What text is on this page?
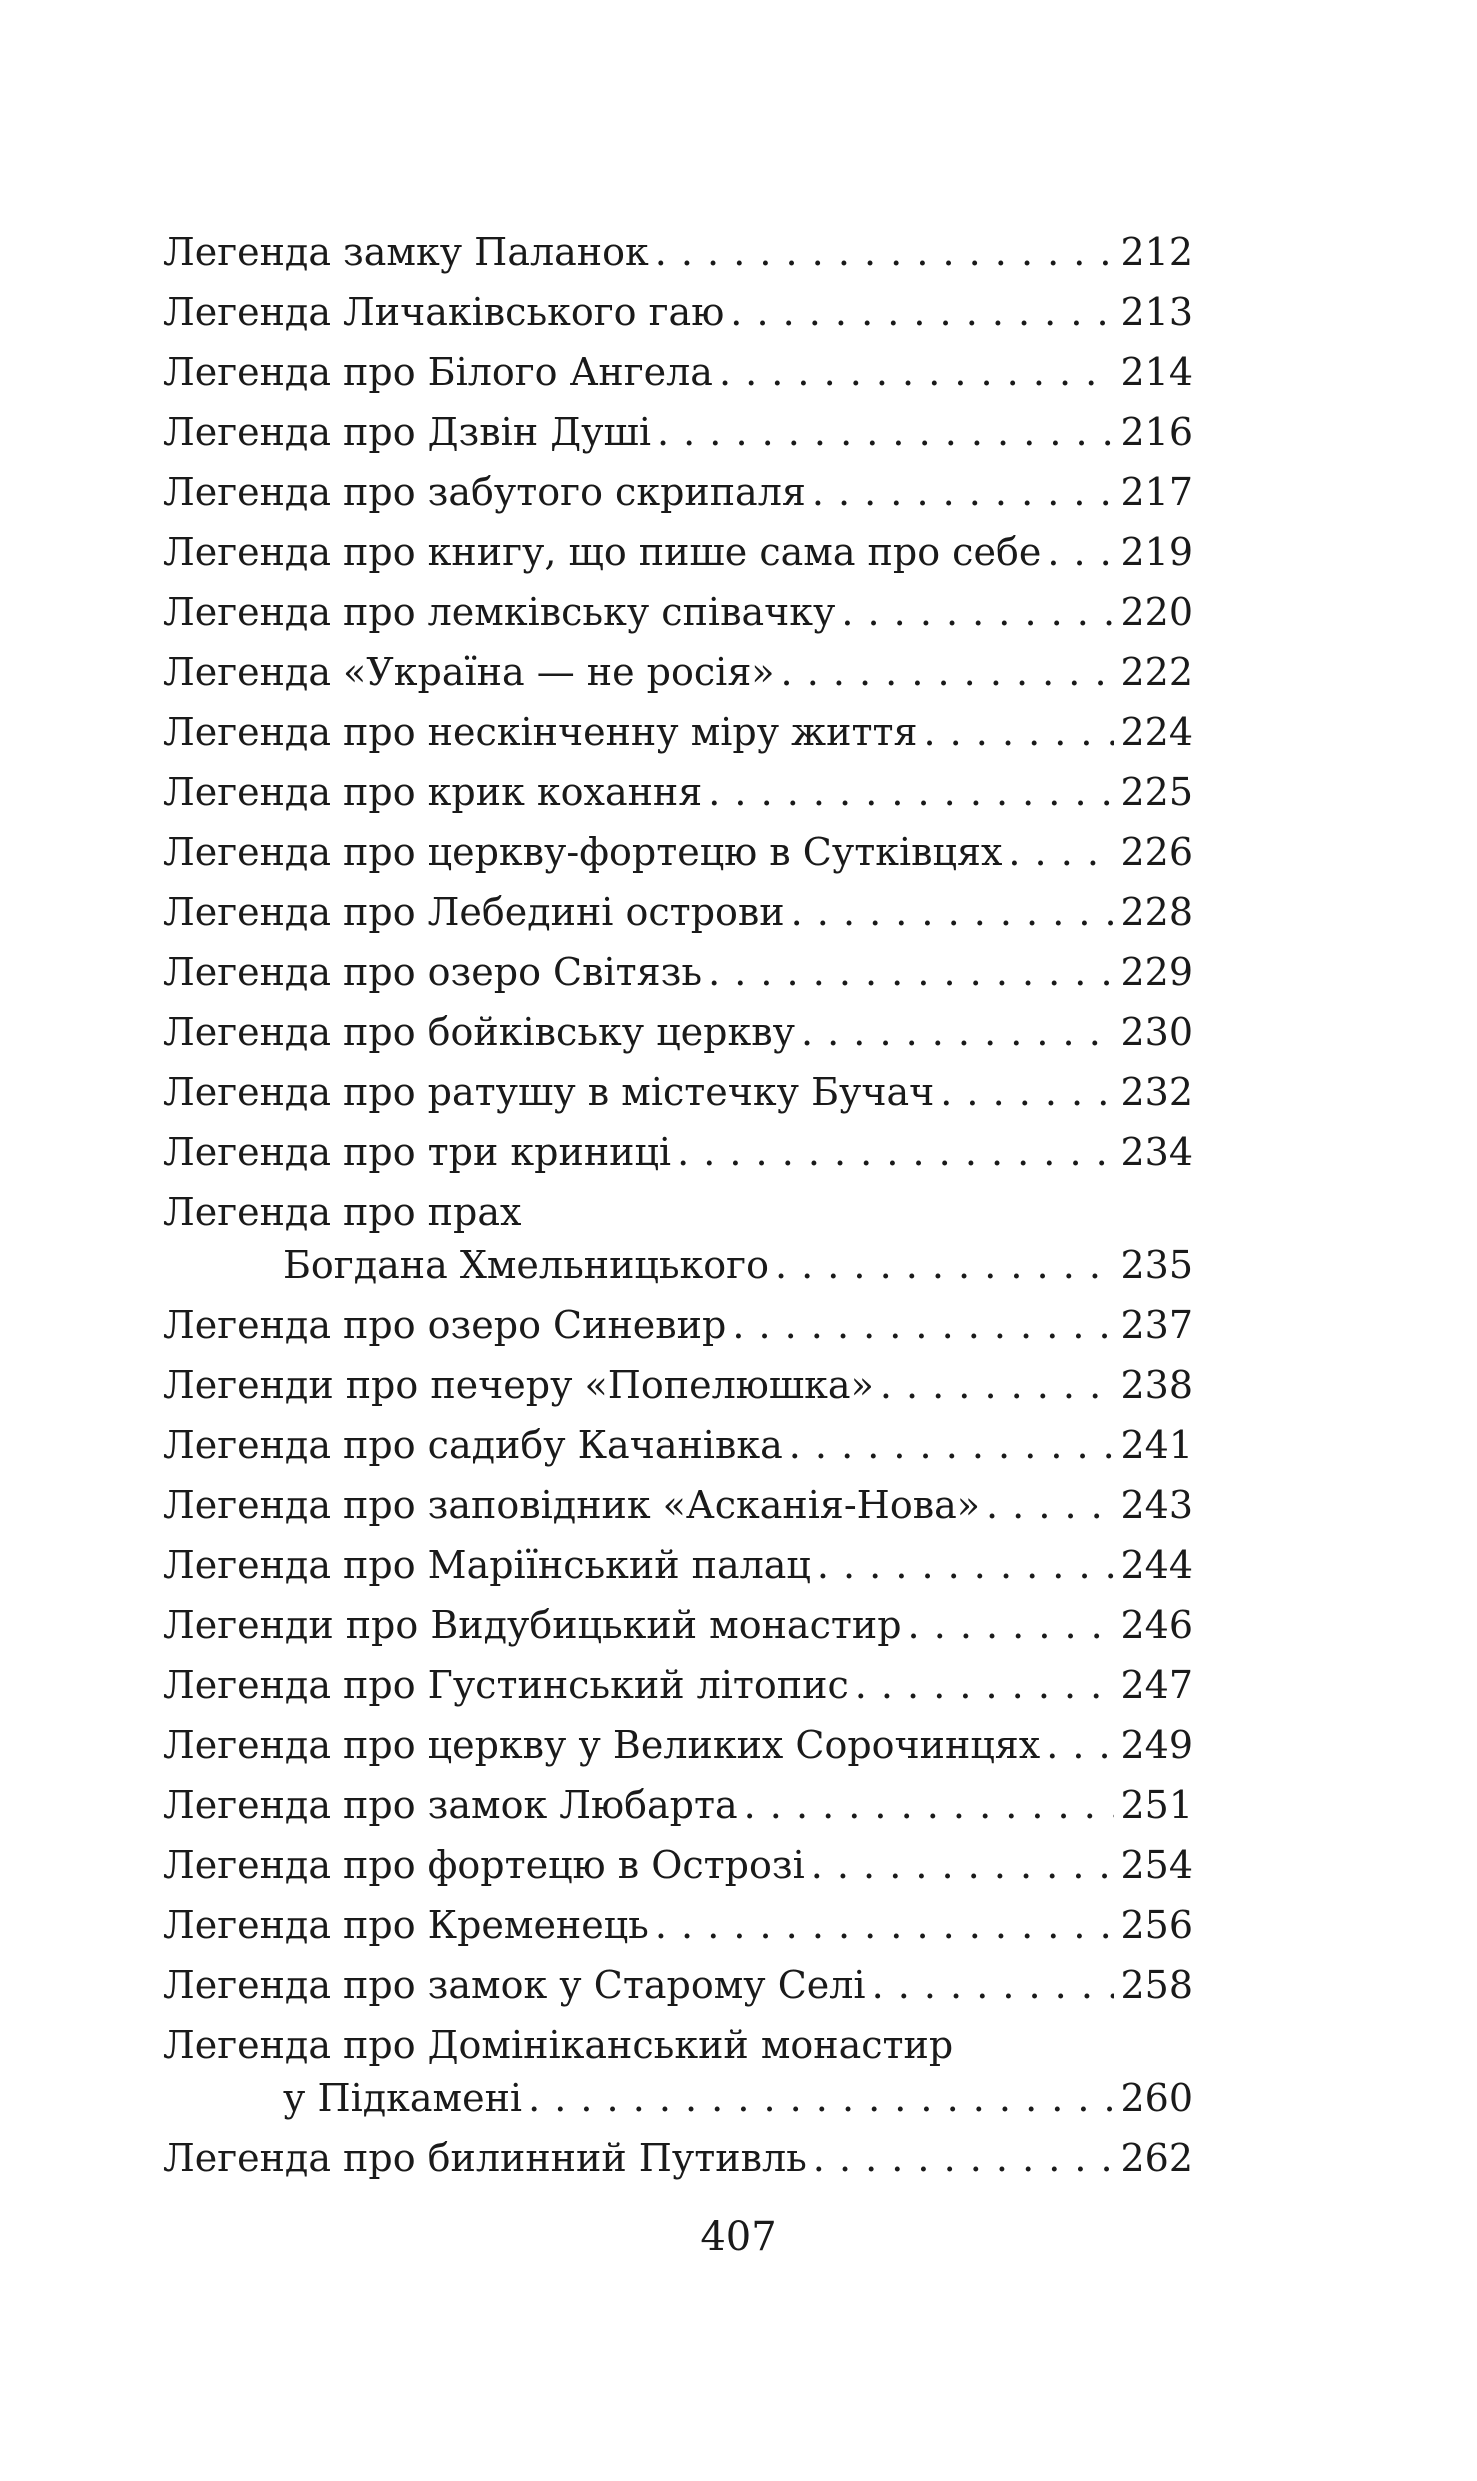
Легенда замку Паланок . . .	212
Легенда Личаківського гаю . . .	213
Легенда про Білого Ангела . . .	214
Легенда про Дзвін Душі . . .	216
Легенда про забутого скрипаля . . .	217
Легенда про книгу, що пише сама про себе . . . 219
Легенда про лемківську співачку . . .	220
Легенда «Україна — не росія» . . .	222
Легенда про нескінченну міру життя . . .	224
Легенда про крик кохання . . .	225
Легенда про церкву-фортецю в Сутківцях . . .	226
Легенда про Лебедині острови . . .	228
Легенда про озеро Світязь . . .	229
Легенда про бойківську церкву . . .	230
Легенда про ратушу в містечку Бучач . . .	232
Легенда про три криниці . . .	234
Легенда про прах
Богдана Хмельницького . . .	235
Легенда про озеро Синевир . . .	237
Легенди про печеру «Попелюшка» . . .	238
Легенда про садибу Качанівка . . .	241
Легенда про заповідник «Асканія-Нова» . . .	243
Легенда про Маріїнський палац . . .	244
Легенди про Видубицький монастир . . .	246
Легенда про Густинський літопис . . .	247
Легенда про церкву у Великих Сорочинцях . . . 249
Легенда про замок Любарта . . .	251
Легенда про фортецю в Острозі . . .	254
Легенда про Кременець . . .	256
Легенда про замок у Старому Селі . . .	258
Легенда про Домініканський монастир
у Підкамені . . .	260
Легенда про билинний Путивль . . .	262
407
